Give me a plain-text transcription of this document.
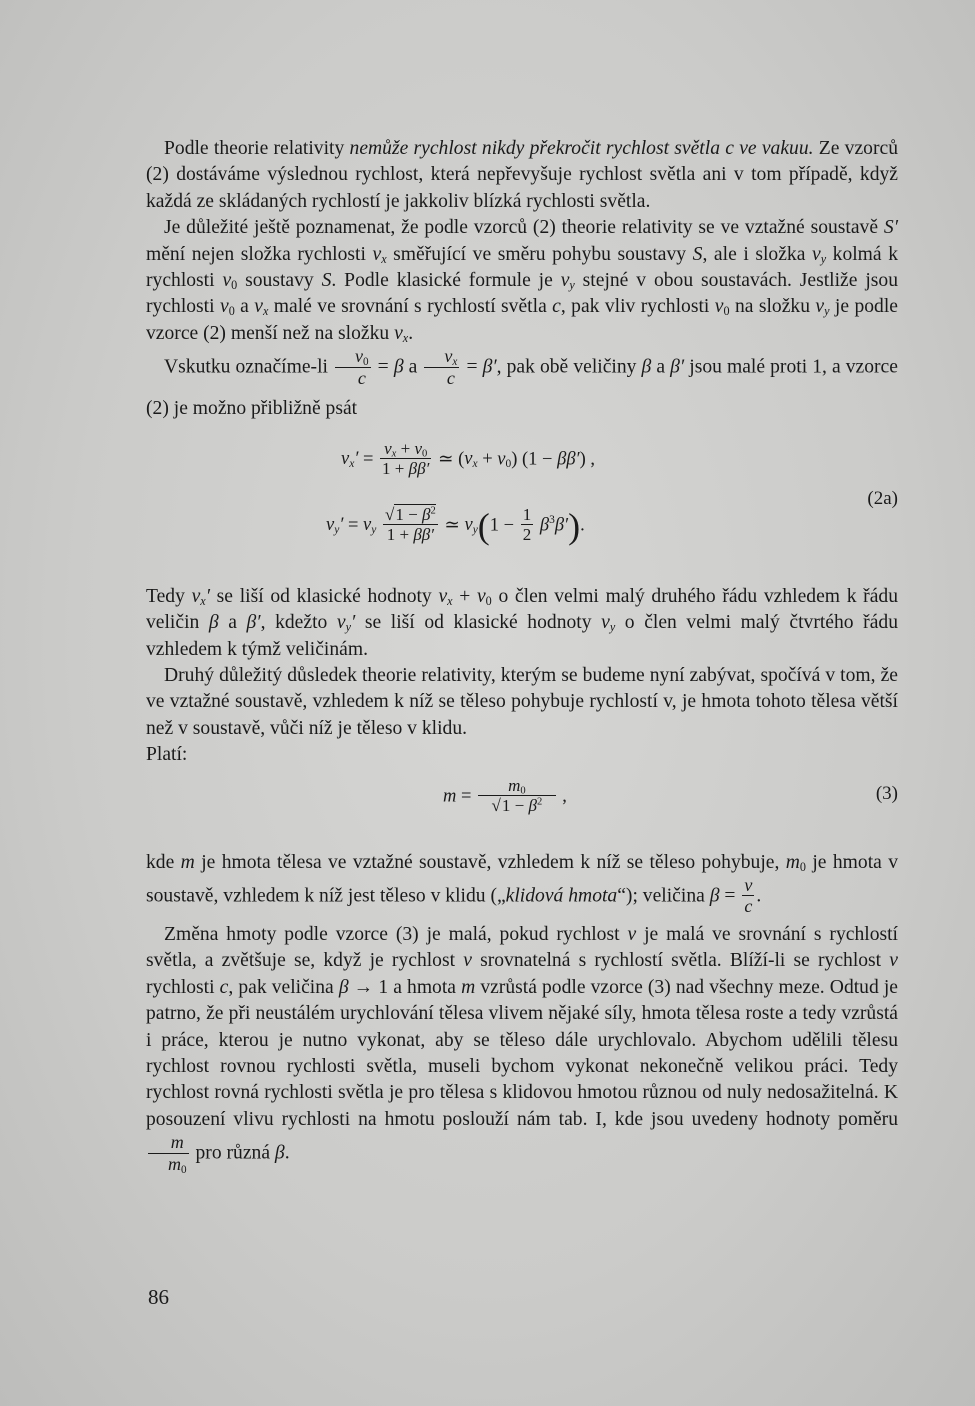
Podle theorie relativity nemůže rychlost nikdy překročit rychlost světla c ve vakuu. Ze vzorců (2) dostáváme výslednou rychlost, která nepřevyšuje rychlost světla ani v tom případě, když každá ze skládaných rychlostí je jakkoliv blízká rychlosti světla.

Je důležité ještě poznamenat, že podle vzorců (2) theorie relativity se ve vztažné soustavě S′ mění nejen složka rychlosti $v_x$ směřující ve směru pohybu soustavy S, ale i složka $v_y$ kolmá k rychlosti $v_0$ soustavy S. Podle klasické formule je $v_y$ stejné v obou soustavách. Jestliže jsou rychlosti $v_0$ a $v_x$ malé ve srovnání s rychlostí světla c, pak vliv rychlosti $v_0$ na složku $v_y$ je podle vzorce (2) menší než na složku $v_x$.

Vskutku označíme-li $\frac{v_0}{c} = \beta$ a $\frac{v_x}{c} = \beta'$, pak obě veličiny β a β′ jsou malé proti 1, a vzorce (2) je možno přibližně psát

$v_x' = \frac{v_x + v_0}{1 + \beta\beta'}$ ≃ $(v_x + v_0) (1 - \beta\beta')$ ,
(2a)
$v_y' = v_y \frac{√1 - \beta^2}{1 + \beta\beta'}$ ≃ $v_y(1 - \frac{1}{2} \beta^3\beta')$.

Tedy $v_x'$ se liší od klasické hodnoty $v_x + v_0$ o člen velmi malý druhého řádu vzhledem k řádu veličin β a β′, kdežto $v_y'$ se liší od klasické hodnoty $v_y$ o člen velmi malý čtvrtého řádu vzhledem k týmž veličinám.

Druhý důležitý důsledek theorie relativity, kterým se budeme nyní zabývat, spočívá v tom, že ve vztažné soustavě, vzhledem k níž se těleso pohybuje rychlostí v, je hmota tohoto tělesa větší než v soustavě, vůči níž je těleso v klidu.

Platí:

$m = \frac{m_0}{√1 - \beta^2}$ ,	(3)

kde m je hmota tělesa ve vztažné soustavě, vzhledem k níž se těleso pohybuje, $m_0$ je hmota v soustavě, vzhledem k níž jest těleso v klidu („klidová hmota“); veličina $\beta = \frac{v}{c}$ .

Změna hmoty podle vzorce (3) je malá, pokud rychlost v je malá ve srovnání s rychlostí světla, a zvětšuje se, když je rychlost v srovnatelná s rychlostí světla. Blíží-li se rychlost v rychlosti c, pak veličina β → 1 a hmota m vzrůstá podle vzorce (3) nad všechny meze. Odtud je patrno, že při neustálém urychlování tělesa vlivem nějaké síly, hmota tělesa roste a tedy vzrůstá i práce, kterou je nutno vykonat, aby se těleso dále urychlovalo. Abychom udělili tělesu rychlost rovnou rychlosti světla, museli bychom vykonat nekonečně velikou práci. Tedy rychlost rovná rychlosti světla je pro tělesa s klidovou hmotou různou od nuly nedosažitelná. K posouzení vlivu rychlosti na hmotu poslouží nám tab. I, kde jsou uvedeny hodnoty poměru
$\frac{m}{m_0}$ pro různá β.

86
